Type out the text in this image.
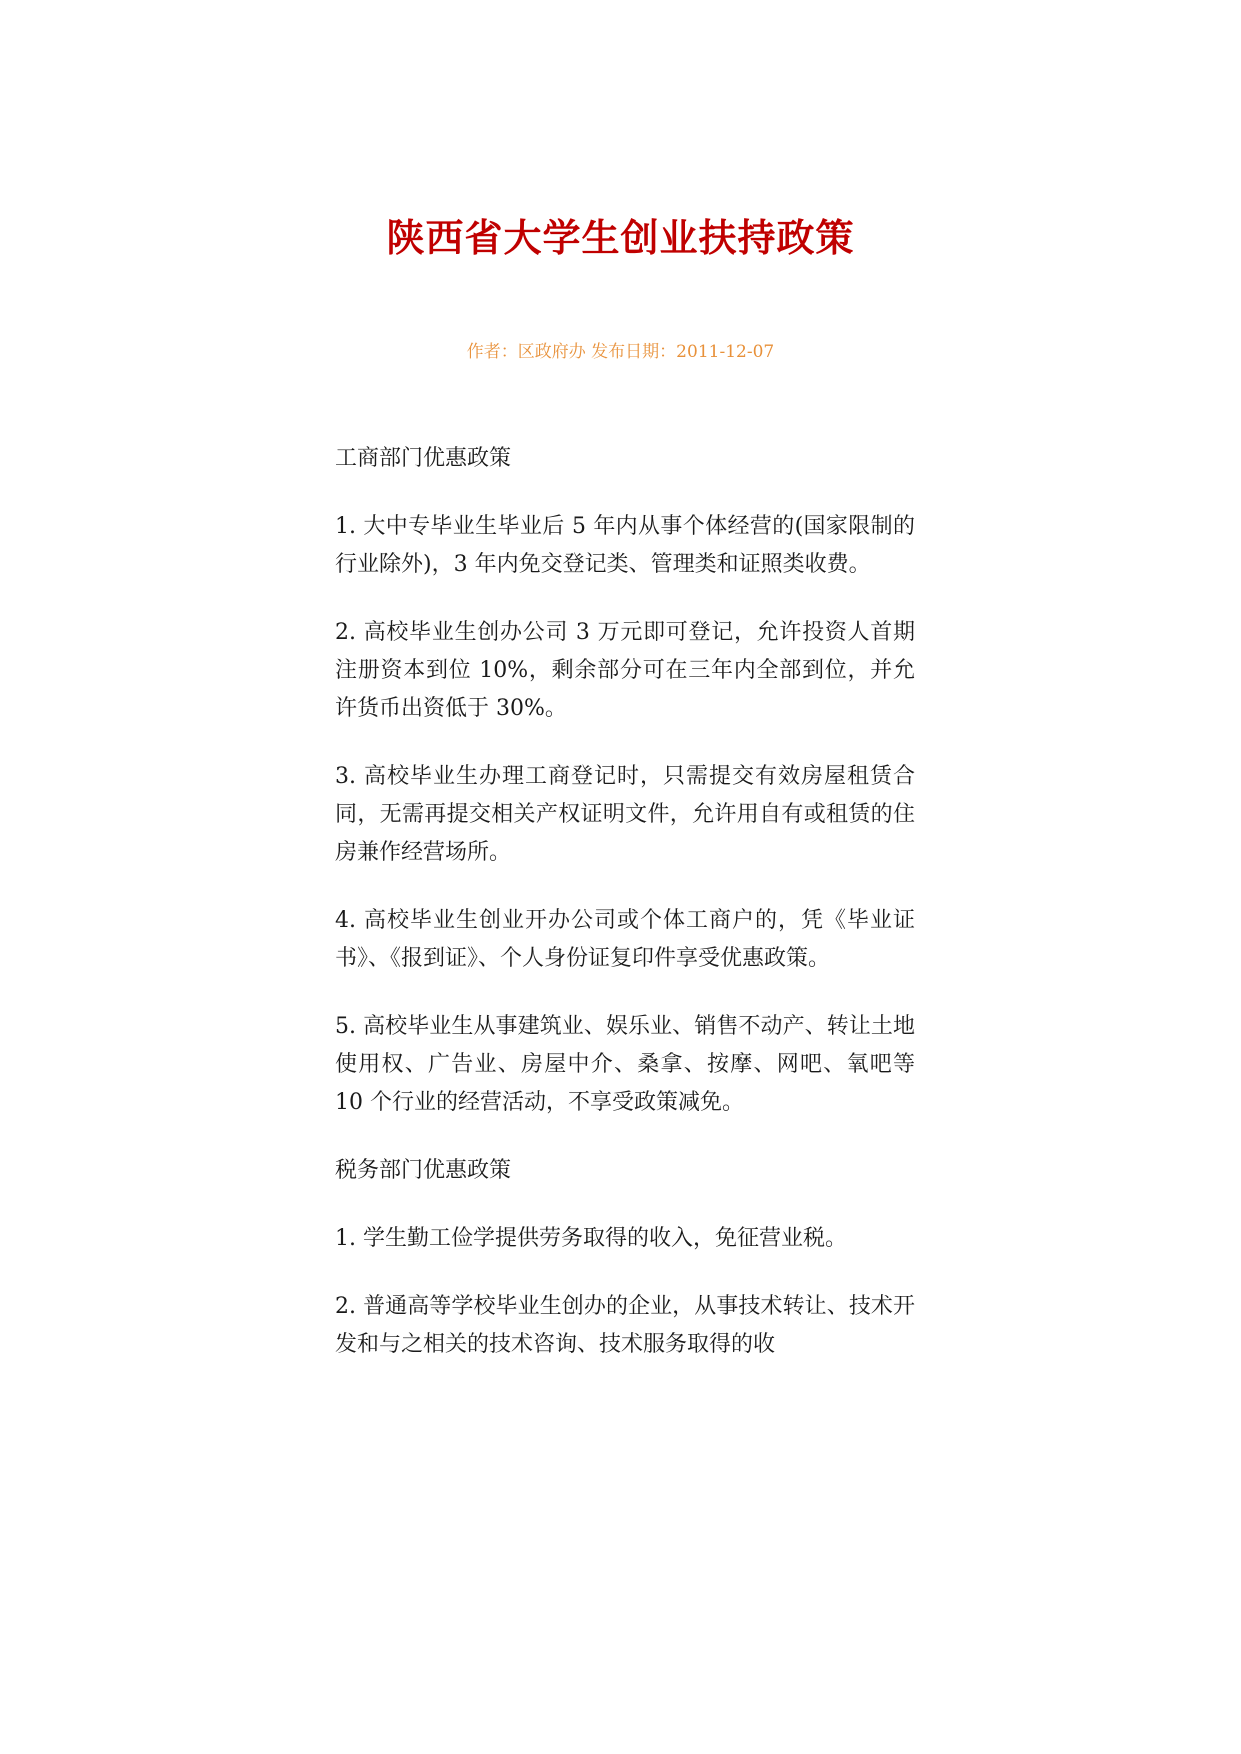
陕西省大学生创业扶持政策
作者：区政府办 发布日期：2011-12-07
工商部门优惠政策
1. 大中专毕业生毕业后 5 年内从事个体经营的(国家限制的行业除外)，3 年内免交登记类、管理类和证照类收费。
2. 高校毕业生创办公司 3 万元即可登记，允许投资人首期注册资本到位 10%，剩余部分可在三年内全部到位，并允许货币出资低于 30%。
3. 高校毕业生办理工商登记时，只需提交有效房屋租赁合同，无需再提交相关产权证明文件，允许用自有或租赁的住房兼作经营场所。
4. 高校毕业生创业开办公司或个体工商户的，凭《毕业证书》、《报到证》、个人身份证复印件享受优惠政策。
5. 高校毕业生从事建筑业、娱乐业、销售不动产、转让土地使用权、广告业、房屋中介、桑拿、按摩、网吧、氧吧等 10 个行业的经营活动，不享受政策减免。
税务部门优惠政策
1. 学生勤工俭学提供劳务取得的收入，免征营业税。
2. 普通高等学校毕业生创办的企业，从事技术转让、技术开发和与之相关的技术咨询、技术服务取得的收
